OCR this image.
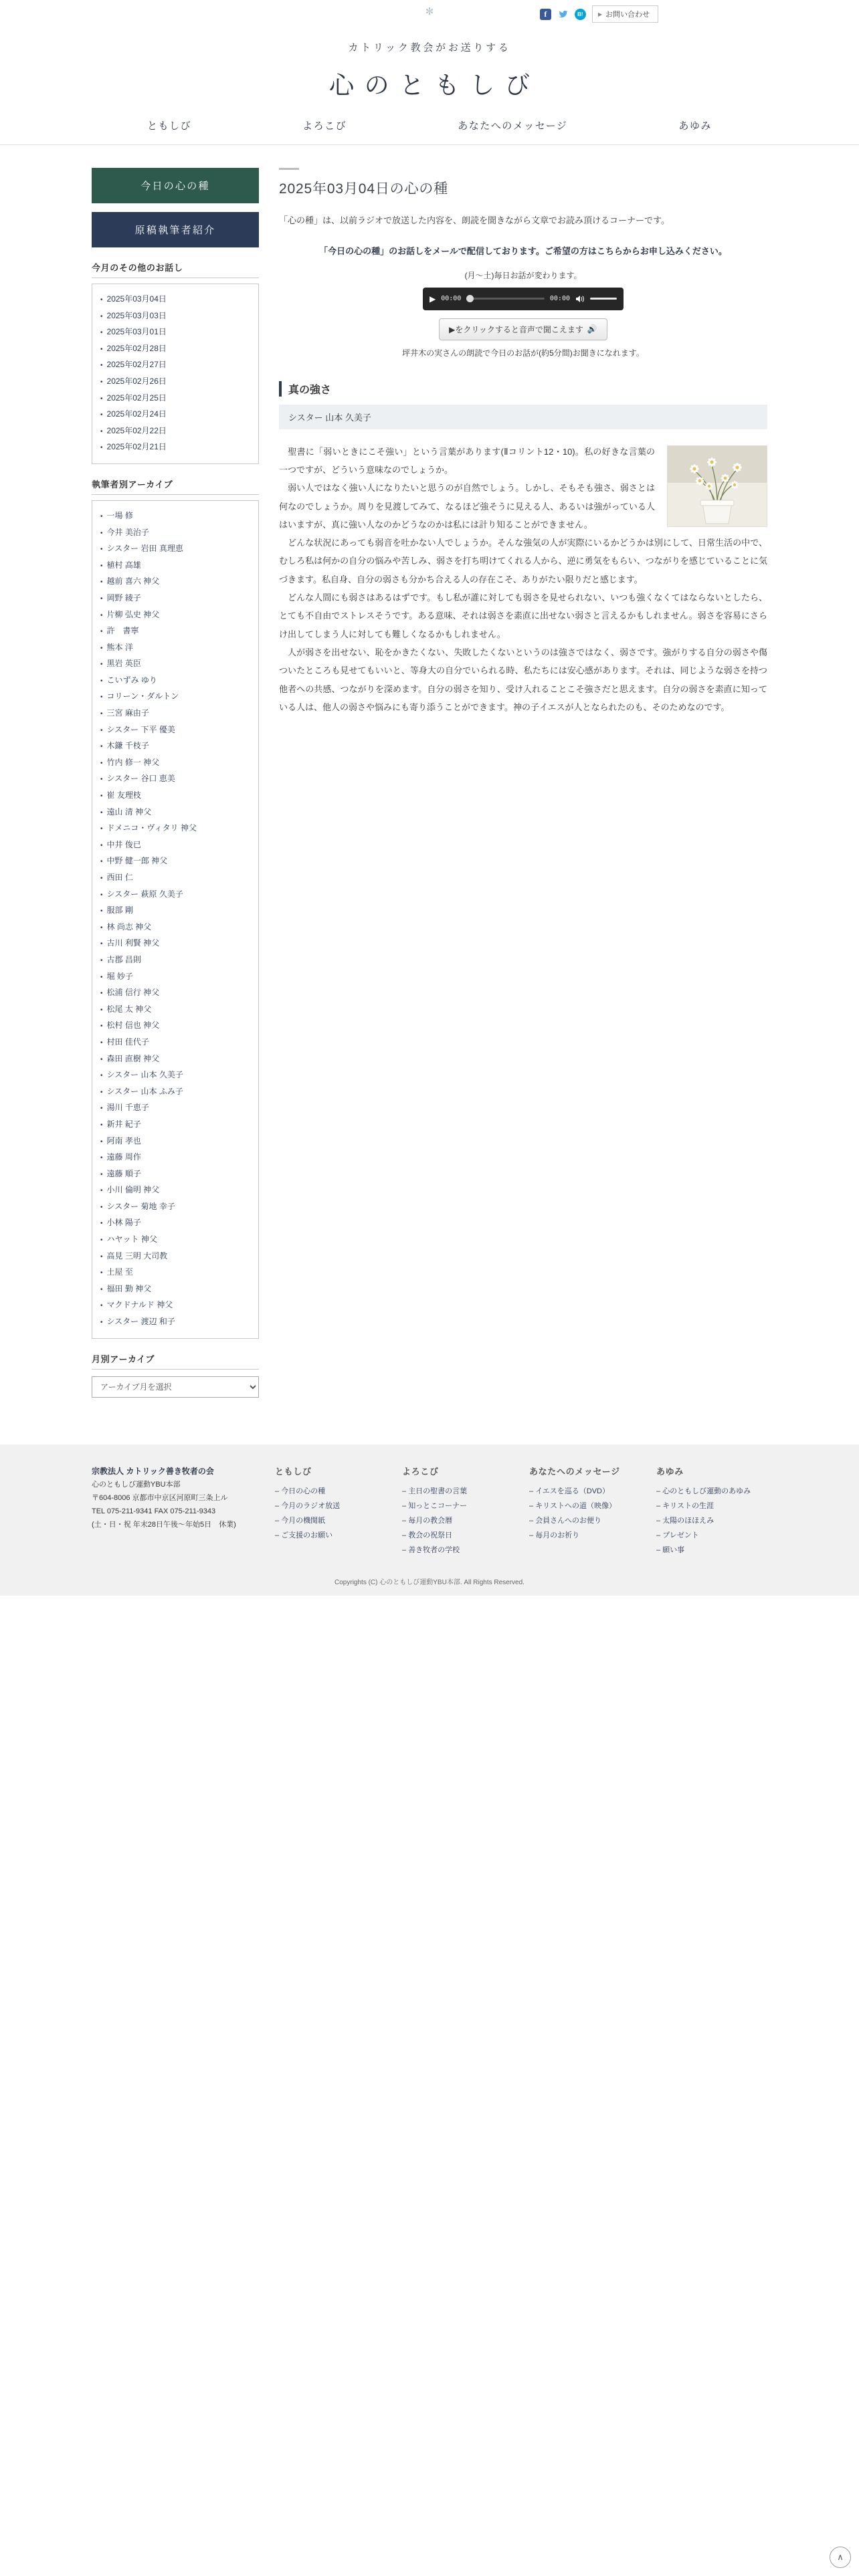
✻	f	B!	▶ お問い合わせ

カトリック教会がお送りする

心のともしび
ともしび	よろこび	あなたへのメッセージ	あゆみ
今日の心の種
原稿執筆者紹介
今月のその他のお話し
• 2025年03月04日
• 2025年03月03日
• 2025年03月01日
• 2025年02月28日
• 2025年02月27日
• 2025年02月26日
• 2025年02月25日
• 2025年02月24日
• 2025年02月22日
• 2025年02月21日
執筆者別アーカイブ
• 一場 修
• 今井 美治子
• シスター 岩田 真理恵
• 植村 高雄
• 越前 喜六 神父
• 岡野 綾子
• 片柳 弘史 神父
• 許　書寧
• 熊本 洋
• 黒岩 英臣
• こいずみ ゆり
• コリーン・ダルトン
• 三宮 麻由子
• シスター 下平 優美
• 木鎌 千枝子
• 竹内 修一 神父
• シスター 谷口 恵美
• 崔 友理枝
• 遠山 清 神父
• ドメニコ・ヴィタリ 神父
• 中井 俊已
• 中野 健一郎 神父
• 西田 仁
• シスター 萩原 久美子
• 服部 剛
• 林 尚志 神父
• 古川 利賢 神父
• 古郡 昌則
• 堀 妙子
• 松浦 信行 神父
• 松尾 太 神父
• 松村 信也 神父
• 村田 佳代子
• 森田 直樹 神父
• シスター 山本 久美子
• シスター 山本 ふみ子
• 湯川 千恵子
• 新井 紀子
• 阿南 孝也
• 遠藤 周作
• 遠藤 順子
• 小川 倫明 神父
• シスター 菊地 幸子
• 小林 陽子
• ハヤット 神父
• 高見 三明 大司教
• 土屋 至
• 福田 勤 神父
• マクドナルド 神父
• シスター 渡辺 和子
月別アーカイブ
アーカイブ月を選択
2025年03月04日の心の種

「心の種」は、以前ラジオで放送した内容を、朗読を聞きながら文章でお読み頂けるコーナーです。

「今日の心の種」のお話しをメールで配信しております。ご希望の方はこちらからお申し込みください。

(月〜土)毎日お話が変わります。

▶ 00:00	00:00
▶をクリックすると音声で聞こえます 🔊

坪井木の実さんの朗読で今日のお話が(約5分間)お聞きになれます。

真の強さ
シスター 山本 久美子

　聖書に「弱いときにこそ強い」という言葉があります(Ⅱコリント12・10)。私の好きな言葉の一つですが、どういう意味なのでしょうか。

　弱い人ではなく強い人になりたいと思うのが自然でしょう。しかし、そもそも強さ、弱さとは何なのでしょうか。周りを見渡してみて、なるほど強そうに見える人、あるいは強がっている人はいますが、真に強い人なのかどうなのかは私には計り知ることができません。

　どんな状況にあっても弱音を吐かない人でしょうか。そんな強気の人が実際にいるかどうかは別にして、日常生活の中で、むしろ私は何かの自分の悩みや苦しみ、弱さを打ち明けてくれる人から、逆に勇気をもらい、つながりを感じていることに気づきます。私自身、自分の弱さも分かち合える人の存在こそ、ありがたい限りだと感じます。

　どんな人間にも弱さはあるはずです。もし私が誰に対しても弱さを見せられない、いつも強くなくてはならないとしたら、とても不自由でストレスそうです。ある意味、それは弱さを素直に出せない弱さと言えるかもしれません。弱さを容易にさらけ出してしまう人に対しても難しくなるかもしれません。

　人が弱さを出せない、恥をかきたくない、失敗したくないというのは強さではなく、弱さです。強がりする自分の弱さや傷ついたところも見せてもいいと、等身大の自分でいられる時、私たちには安心感があります。それは、同じような弱さを持つ他者への共感、つながりを深めます。自分の弱さを知り、受け入れることこそ強さだと思えます。自分の弱さを素直に知っている人は、他人の弱さや悩みにも寄り添うことができます。神の子イエスが人となられたのも、そのためなのです。

宗教法人 カトリック善き牧者の会
心のともしび運動YBU本部
〒604-8006 京都市中京区河原町三条上ル
TEL 075-211-9341 FAX 075-211-9343
(土・日・祝 年末28日午後〜年始5日　休業)
ともしび
– 今日の心の種
– 今月のラジオ放送
– 今月の機関紙
– ご支援のお願い
よろこび
– 主日の聖書の言葉
– 知っとこコーナー
– 毎月の教会暦
– 教会の祝祭日
– 善き牧者の学校
あなたへのメッセージ
– イエスを巡る（DVD）
– キリストへの道（映像）
– 会員さんへのお便り
– 毎月のお祈り
あゆみ
– 心のともしび運動のあゆみ
– キリストの生涯
– 太陽のほほえみ
– プレゼント
– 願い事

Copyrights (C) 心のともしび運動YBU本部. All Rights Reserved.

∧
